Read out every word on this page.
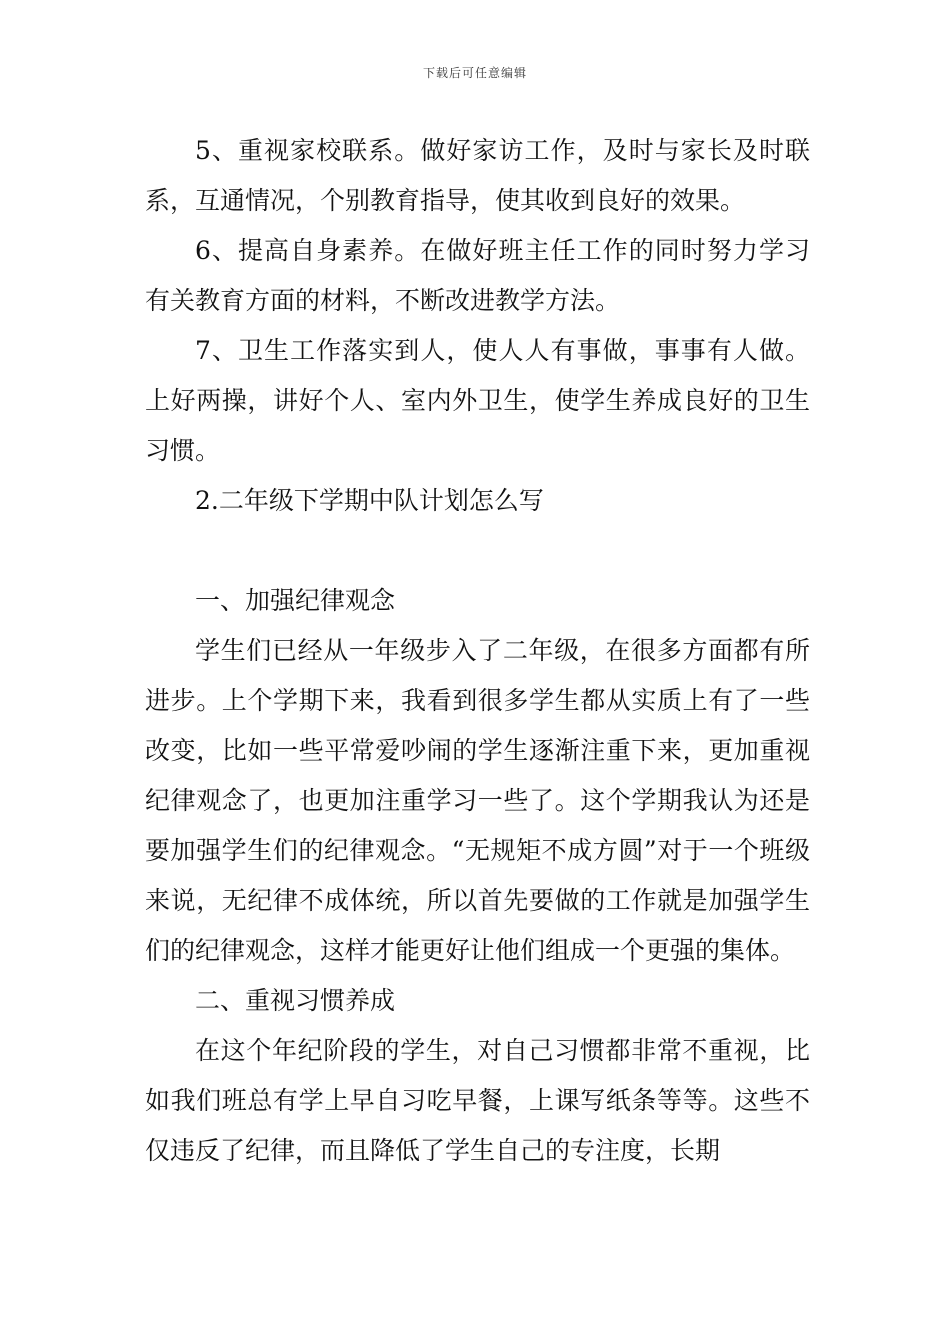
下载后可任意编辑

5、重视家校联系。做好家访工作，及时与家长及时联系，互通情况，个别教育指导，使其收到良好的效果。

6、提高自身素养。在做好班主任工作的同时努力学习有关教育方面的材料，不断改进教学方法。

7、卫生工作落实到人，使人人有事做，事事有人做。上好两操，讲好个人、室内外卫生，使学生养成良好的卫生习惯。

2.二年级下学期中队计划怎么写

一、加强纪律观念

学生们已经从一年级步入了二年级，在很多方面都有所进步。上个学期下来，我看到很多学生都从实质上有了一些改变，比如一些平常爱吵闹的学生逐渐注重下来，更加重视纪律观念了，也更加注重学习一些了。这个学期我认为还是要加强学生们的纪律观念。“无规矩不成方圆”对于一个班级来说，无纪律不成体统，所以首先要做的工作就是加强学生们的纪律观念，这样才能更好让他们组成一个更强的集体。

二、重视习惯养成

在这个年纪阶段的学生，对自己习惯都非常不重视，比如我们班总有学上早自习吃早餐，上课写纸条等等。这些不仅违反了纪律，而且降低了学生自己的专注度，长期
